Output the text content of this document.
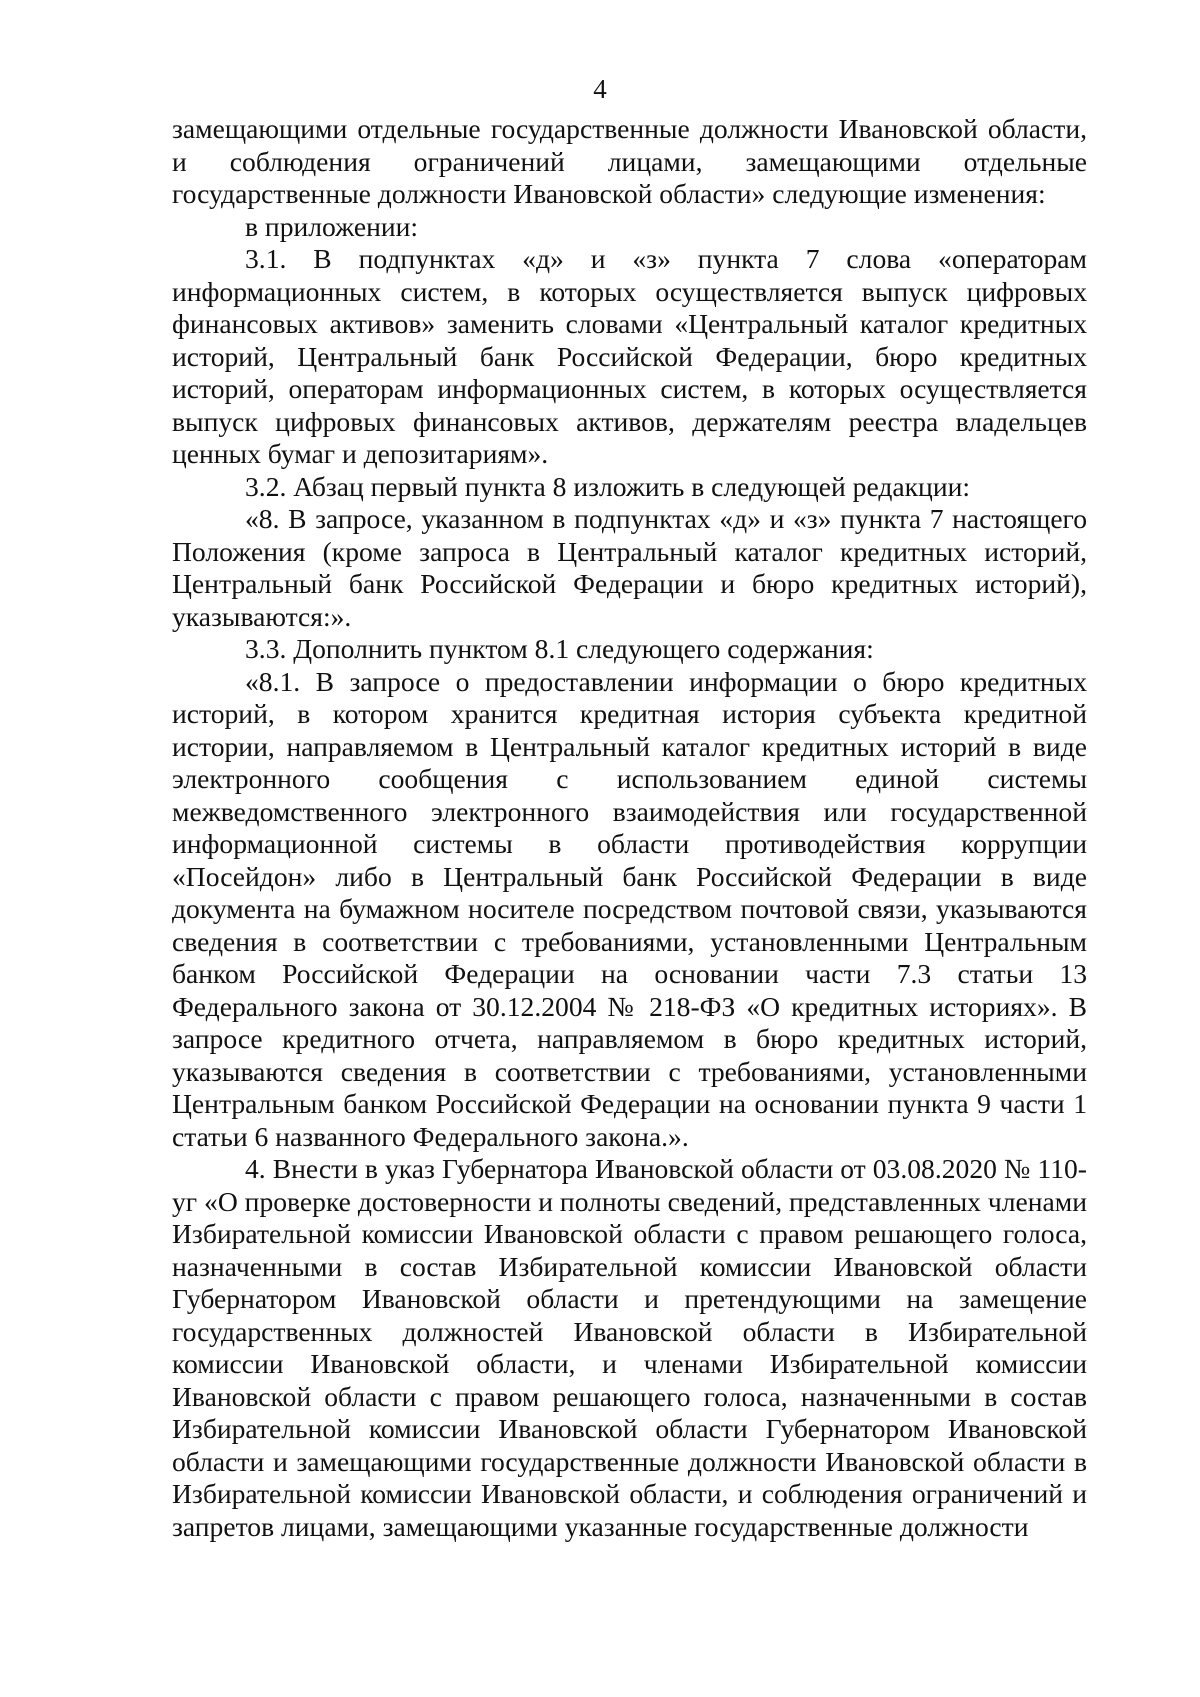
4

замещающими отдельные государственные должности Ивановской области, и соблюдения ограничений лицами, замещающими отдельные государственные должности Ивановской области» следующие изменения:

в приложении:

3.1. В подпунктах «д» и «з» пункта 7 слова «операторам информационных систем, в которых осуществляется выпуск цифровых финансовых активов» заменить словами «Центральный каталог кредитных историй, Центральный банк Российской Федерации, бюро кредитных историй, операторам информационных систем, в которых осуществляется выпуск цифровых финансовых активов, держателям реестра владельцев ценных бумаг и депозитариям».

3.2. Абзац первый пункта 8 изложить в следующей редакции:

«8. В запросе, указанном в подпунктах «д» и «з» пункта 7 настоящего Положения (кроме запроса в Центральный каталог кредитных историй, Центральный банк Российской Федерации и бюро кредитных историй), указываются:».

3.3. Дополнить пунктом 8.1 следующего содержания:

«8.1. В запросе о предоставлении информации о бюро кредитных историй, в котором хранится кредитная история субъекта кредитной истории, направляемом в Центральный каталог кредитных историй в виде электронного сообщения с использованием единой системы межведомственного электронного взаимодействия или государственной информационной системы в области противодействия коррупции «Посейдон» либо в Центральный банк Российской Федерации в виде документа на бумажном носителе посредством почтовой связи, указываются сведения в соответствии с требованиями, установленными Центральным банком Российской Федерации на основании части 7.3 статьи 13 Федерального закона от 30.12.2004 № 218-ФЗ «О кредитных историях». В запросе кредитного отчета, направляемом в бюро кредитных историй, указываются сведения в соответствии с требованиями, установленными Центральным банком Российской Федерации на основании пункта 9 части 1 статьи 6 названного Федерального закона.».

4. Внести в указ Губернатора Ивановской области от 03.08.2020 № 110-уг «О проверке достоверности и полноты сведений, представленных членами Избирательной комиссии Ивановской области с правом решающего голоса, назначенными в состав Избирательной комиссии Ивановской области Губернатором Ивановской области и претендующими на замещение государственных должностей Ивановской области в Избирательной комиссии Ивановской области, и членами Избирательной комиссии Ивановской области с правом решающего голоса, назначенными в состав Избирательной комиссии Ивановской области Губернатором Ивановской области и замещающими государственные должности Ивановской области в Избирательной комиссии Ивановской области, и соблюдения ограничений и запретов лицами, замещающими указанные государственные должности
